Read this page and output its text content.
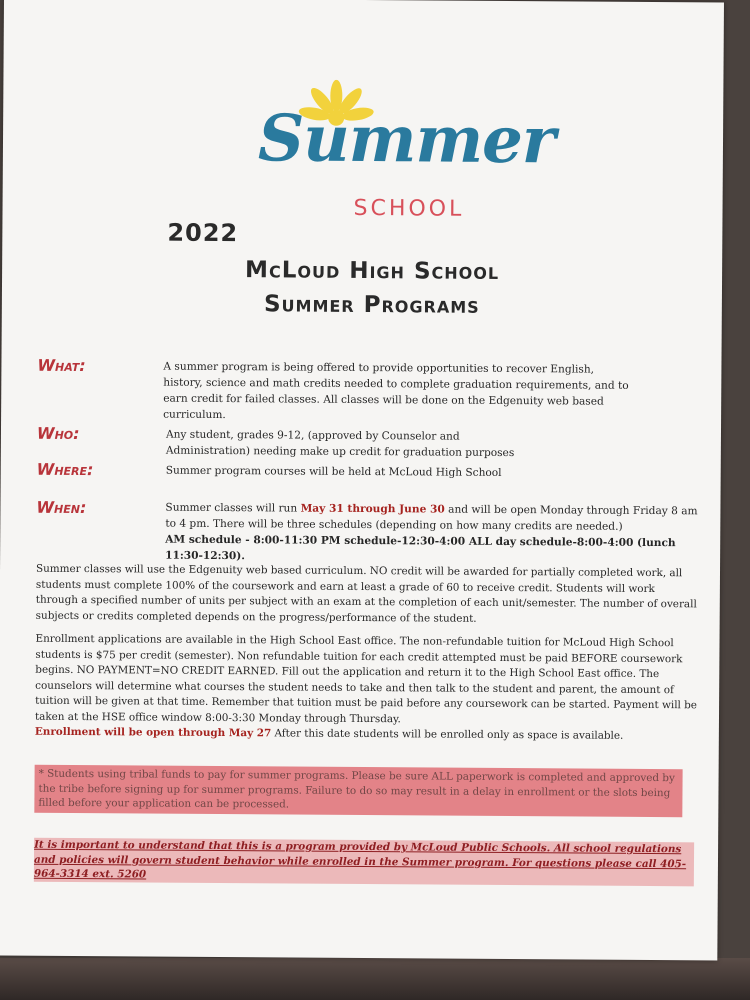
Summer
SCHOOL
2022
McLoud High School
Summer Programs
What:	A summer program is being offered to provide opportunities to recover English, history, science and math credits needed to complete graduation requirements, and to earn credit for failed classes. All classes will be done on the Edgenuity web based curriculum.
Who:	Any student, grades 9-12, (approved by Counselor and Administration) needing make up credit for graduation purposes
Where:	Summer program courses will be held at McLoud High School
When:	Summer classes will run May 31 through June 30 and will be open Monday through Friday 8 am to 4 pm. There will be three schedules (depending on how many credits are needed.)
AM schedule - 8:00-11:30 PM schedule-12:30-4:00 ALL day schedule-8:00-4:00 (lunch 11:30-12:30).
Summer classes will use the Edgenuity web based curriculum. NO credit will be awarded for partially completed work, all students must complete 100% of the coursework and earn at least a grade of 60 to receive credit. Students will work through a specified number of units per subject with an exam at the completion of each unit/semester. The number of overall subjects or credits completed depends on the progress/performance of the student.
Enrollment applications are available in the High School East office. The non-refundable tuition for McLoud High School students is $75 per credit (semester). Non refundable tuition for each credit attempted must be paid BEFORE coursework begins. NO PAYMENT=NO CREDIT EARNED. Fill out the application and return it to the High School East office. The counselors will determine what courses the student needs to take and then talk to the student and parent, the amount of tuition will be given at that time. Remember that tuition must be paid before any coursework can be started. Payment will be taken at the HSE office window 8:00-3:30 Monday through Thursday.
Enrollment will be open through May 27 After this date students will be enrolled only as space is available.
* Students using tribal funds to pay for summer programs. Please be sure ALL paperwork is completed and approved by the tribe before signing up for summer programs. Failure to do so may result in a delay in enrollment or the slots being filled before your application can be processed.
It is important to understand that this is a program provided by McLoud Public Schools. All school regulations and policies will govern student behavior while enrolled in the Summer program. For questions please call 405-964-3314 ext. 5260
